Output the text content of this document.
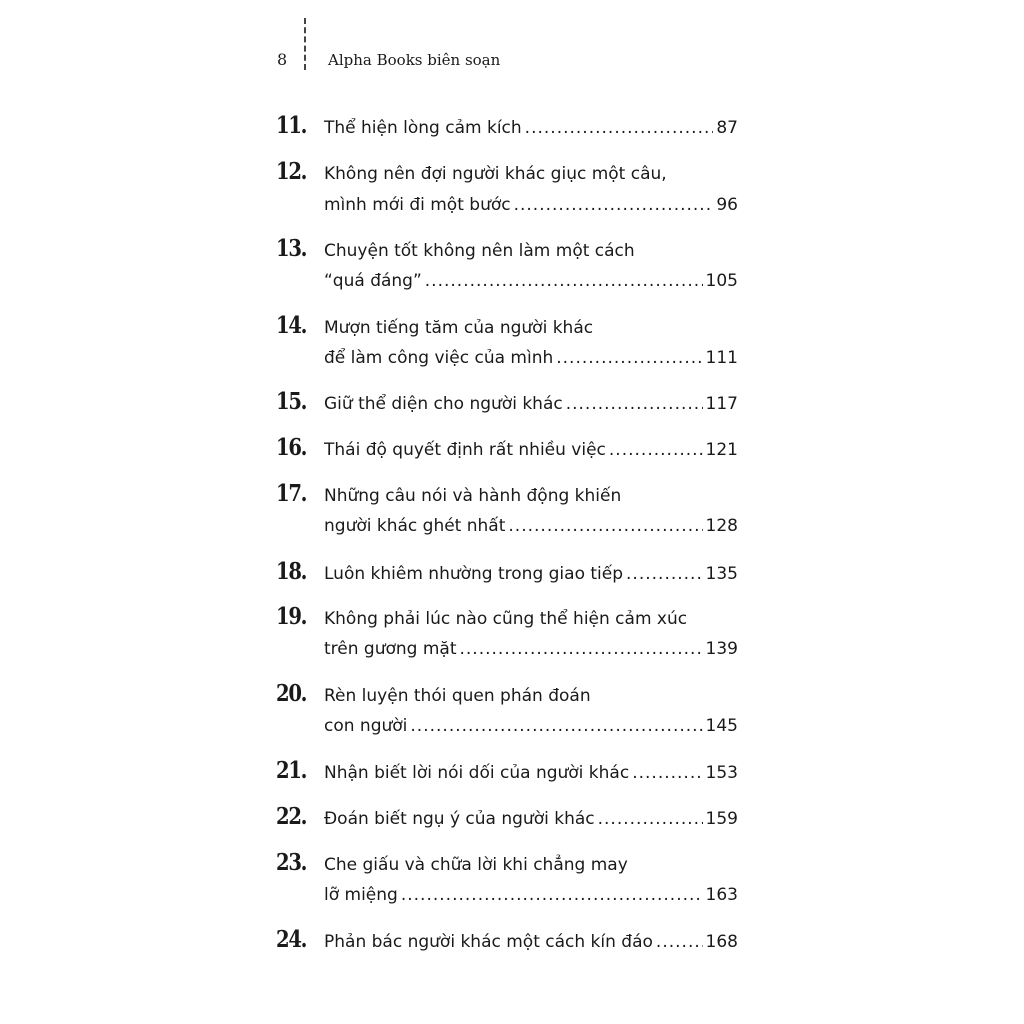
8	Alpha Books biên soạn
11. Thể hiện lòng cảm kích .....	87
12. Không nên đợi người khác giục một câu,
mình mới đi một bước .....	96
13. Chuyện tốt không nên làm một cách
“quá đáng” .....	105
14. Mượn tiếng tăm của người khác
để làm công việc của mình .....	111
15. Giữ thể diện cho người khác .....	117
16. Thái độ quyết định rất nhiều việc .....	121
17. Những câu nói và hành động khiến
người khác ghét nhất .....	128
18. Luôn khiêm nhường trong giao tiếp .....	135
19. Không phải lúc nào cũng thể hiện cảm xúc
trên gương mặt .....	139
20. Rèn luyện thói quen phán đoán
con người .....	145
21. Nhận biết lời nói dối của người khác .....	153
22. Đoán biết ngụ ý của người khác .....	159
23. Che giấu và chữa lời khi chẳng may
lỡ miệng .....	163
24. Phản bác người khác một cách kín đáo .....	168
